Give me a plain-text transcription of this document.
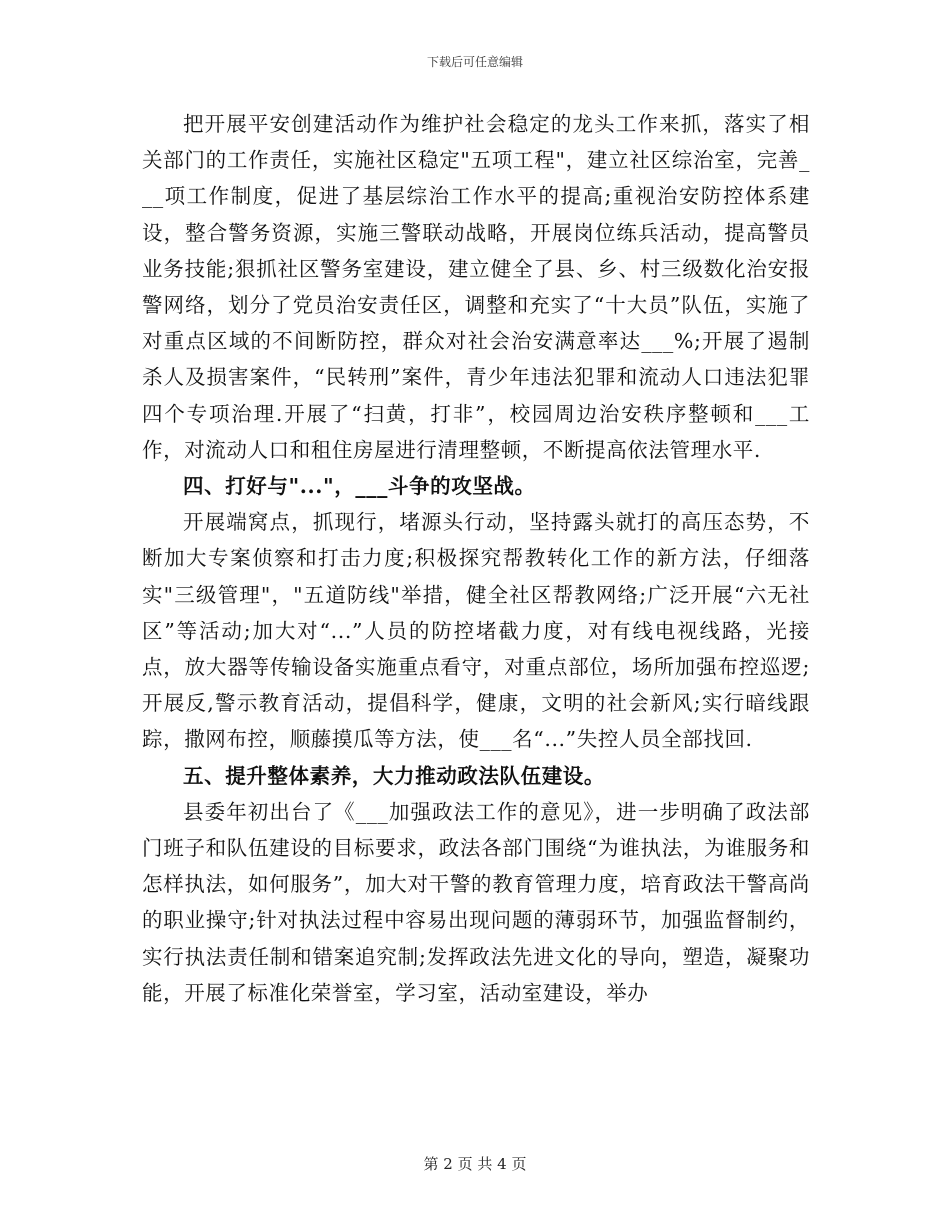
下载后可任意编辑

把开展平安创建活动作为维护社会稳定的龙头工作来抓，落实了相关部门的工作责任，实施社区稳定"五项工程"，建立社区综治室，完善___项工作制度，促进了基层综治工作水平的提高;重视治安防控体系建设，整合警务资源，实施三警联动战略，开展岗位练兵活动，提高警员业务技能;狠抓社区警务室建设，建立健全了县、乡、村三级数化治安报警网络，划分了党员治安责任区，调整和充实了“十大员”队伍，实施了对重点区域的不间断防控，群众对社会治安满意率达___%;开展了遏制杀人及损害案件，“民转刑”案件，青少年违法犯罪和流动人口违法犯罪四个专项治理.开展了“扫黄，打非”，校园周边治安秩序整顿和___工作，对流动人口和租住房屋进行清理整顿，不断提高依法管理水平.

四、打好与"..."，___斗争的攻坚战。

开展端窝点，抓现行，堵源头行动，坚持露头就打的高压态势，不断加大专案侦察和打击力度;积极探究帮教转化工作的新方法，仔细落实"三级管理"，"五道防线"举措，健全社区帮教网络;广泛开展“六无社区”等活动;加大对“...”人员的防控堵截力度，对有线电视线路，光接点，放大器等传输设备实施重点看守，对重点部位，场所加强布控巡逻;开展反,警示教育活动，提倡科学，健康，文明的社会新风;实行暗线跟踪，撒网布控，顺藤摸瓜等方法，使___名“...”失控人员全部找回.

五、提升整体素养，大力推动政法队伍建设。

县委年初出台了《___加强政法工作的意见》，进一步明确了政法部门班子和队伍建设的目标要求，政法各部门围绕“为谁执法，为谁服务和怎样执法，如何服务”，加大对干警的教育管理力度，培育政法干警高尚的职业操守;针对执法过程中容易出现问题的薄弱环节，加强监督制约，实行执法责任制和错案追究制;发挥政法先进文化的导向，塑造，凝聚功能，开展了标准化荣誉室，学习室，活动室建设，举办

第 2 页 共 4 页
